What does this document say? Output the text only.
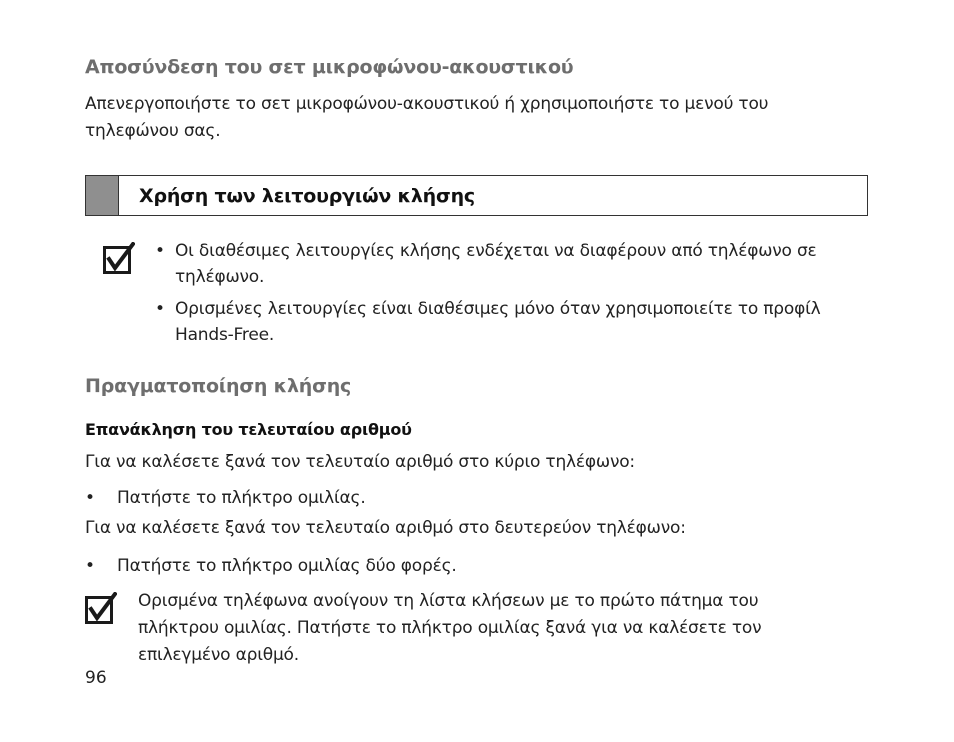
Αποσύνδεση του σετ μικροφώνου-ακουστικού
Απενεργοποιήστε το σετ μικροφώνου-ακουστικού ή χρησιμοποιήστε το μενού του τηλεφώνου σας.
Χρήση των λειτουργιών κλήσης
• Οι διαθέσιμες λειτουργίες κλήσης ενδέχεται να διαφέρουν από τηλέφωνο σε τηλέφωνο.
• Ορισμένες λειτουργίες είναι διαθέσιμες μόνο όταν χρησιμοποιείτε το προφίλ Hands-Free.
Πραγματοποίηση κλήσης
Επανάκληση του τελευταίου αριθμού
Για να καλέσετε ξανά τον τελευταίο αριθμό στο κύριο τηλέφωνο:
•	Πατήστε το πλήκτρο ομιλίας.
Για να καλέσετε ξανά τον τελευταίο αριθμό στο δευτερεύον τηλέφωνο:
•	Πατήστε το πλήκτρο ομιλίας δύο φορές.
Ορισμένα τηλέφωνα ανοίγουν τη λίστα κλήσεων με το πρώτο πάτημα του πλήκτρου ομιλίας. Πατήστε το πλήκτρο ομιλίας ξανά για να καλέσετε τον επιλεγμένο αριθμό.
96
